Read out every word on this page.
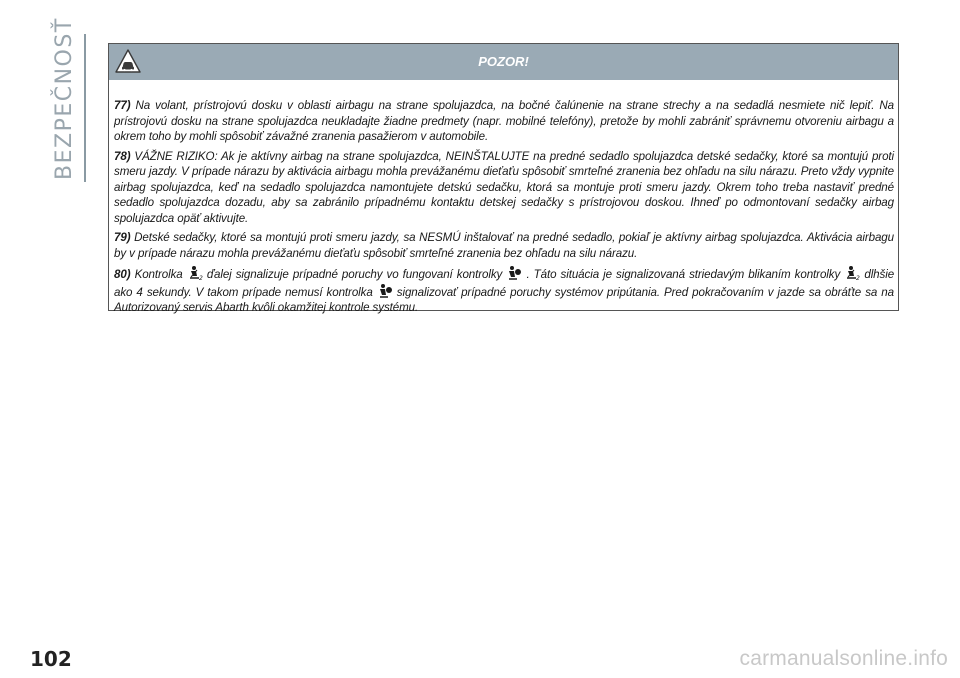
BEZPEČNOSŤ	POZOR!

77) Na volant, prístrojovú dosku v oblasti airbagu na strane spolujazdca, na bočné čalúnenie na strane strechy a na sedadlá nesmiete nič lepiť. Na prístrojovú dosku na strane spolujazdca neukladajte žiadne predmety (napr. mobilné telefóny), pretože by mohli zabrániť správnemu otvoreniu airbagu a okrem toho by mohli spôsobiť závažné zranenia pasažierom v automobile.

78) VÁŽNE RIZIKO: Ak je aktívny airbag na strane spolujazdca, NEINŠTALUJTE na predné sedadlo spolujazdca detské sedačky, ktoré sa montujú proti smeru jazdy. V prípade nárazu by aktivácia airbagu mohla prevážanému dieťaťu spôsobiť smrteľné zranenia bez ohľadu na silu nárazu. Preto vždy vypnite airbag spolujazdca, keď na sedadlo spolujazdca namontujete detskú sedačku, ktorá sa montuje proti smeru jazdy. Okrem toho treba nastaviť predné sedadlo spolujazdca dozadu, aby sa zabránilo prípadnému kontaktu detskej sedačky s prístrojovou doskou. Ihneď po odmontovaní sedačky airbag spolujazdca opäť aktivujte.

79) Detské sedačky, ktoré sa montujú proti smeru jazdy, sa NESMÚ inštalovať na predné sedadlo, pokiaľ je aktívny airbag spolujazdca. Aktivácia airbagu by v prípade nárazu mohla prevážanému dieťaťu spôsobiť smrteľné zranenia bez ohľadu na silu nárazu.

80) Kontrolka	2 ďalej signalizuje prípadné poruchy vo fungovaní kontrolky . Táto situácia je signalizovaná striedavým blikaním kontrolky	2 dlhšie ako 4 sekundy. V takom prípade nemusí kontrolka signalizovať prípadné poruchy systémov pripútania. Pred pokračovaním v jazde sa obráťte sa na Autorizovaný servis Abarth kvôli okamžitej kontrole systému.

102	carmanualsonline.info
